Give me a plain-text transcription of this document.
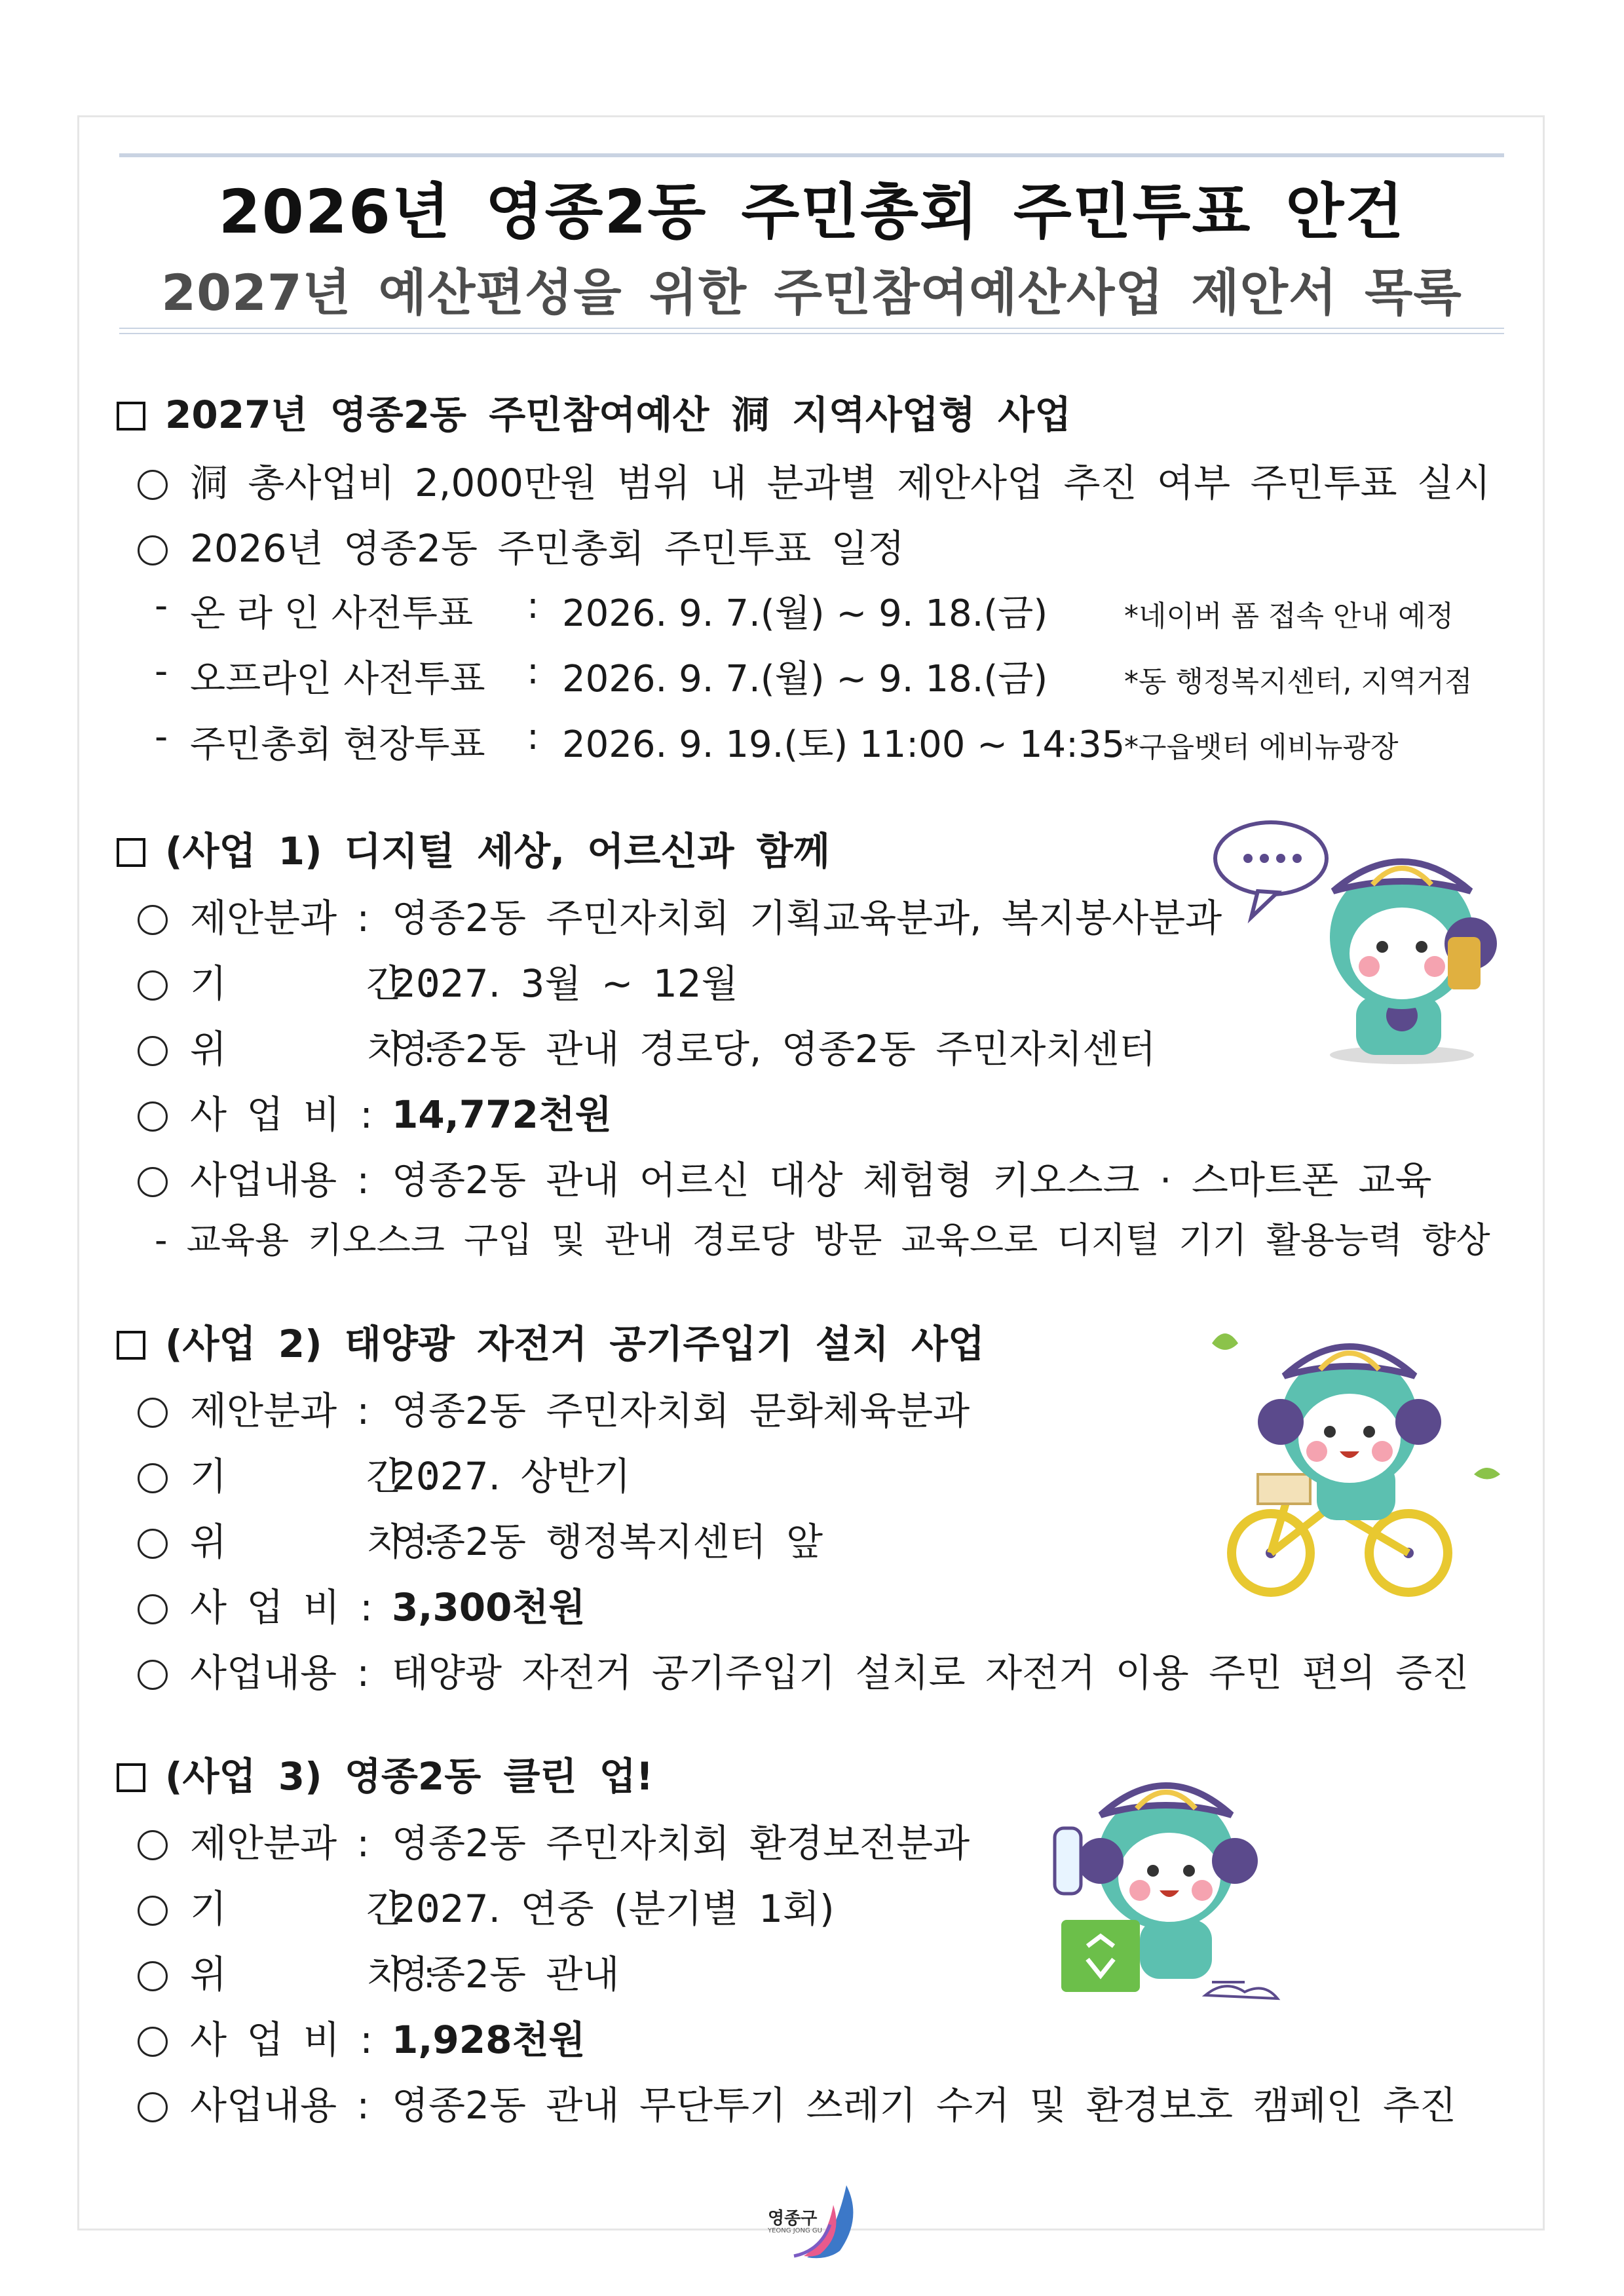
2026년 영종2동 주민총회 주민투표 안건
2027년 예산편성을 위한 주민참여예산사업 제안서 목록
2027년 영종2동 주민참여예산 洞 지역사업형 사업
洞 총사업비 2,000만원 범위 내 분과별 제안사업 추진 여부 주민투표 실시
2026년 영종2동 주민총회 주민투표 일정
- 온 라 인 사전투표 : 2026. 9. 7.(월) ~ 9. 18.(금)	*네이버 폼 접속 안내 예정
- 오프라인 사전투표 : 2026. 9. 7.(월) ~ 9. 18.(금)	*동 행정복지센터, 지역거점
- 주민총회 현장투표 : 2026. 9. 19.(토) 11:00 ~ 14:35
*구읍뱃터 에비뉴광장
(사업 1) 디지털 세상, 어르신과 함께
제안분과 : 영종2동 주민자치회 기획교육분과, 복지봉사분과
기       간 :2027. 3월 ~ 12월
위       치 :영종2동 관내 경로당, 영종2동 주민자치센터
사 업 비 : 14,772천원
사업내용 : 영종2동 관내 어르신 대상 체험형 키오스크 · 스마트폰 교육
- 교육용 키오스크 구입 및 관내 경로당 방문 교육으로 디지털 기기 활용능력 향상
(사업 2) 태양광 자전거 공기주입기 설치 사업
제안분과 : 영종2동 주민자치회 문화체육분과
기       간 :2027. 상반기
위       치 :영종2동 행정복지센터 앞
사 업 비 : 3,300천원
사업내용 : 태양광 자전거 공기주입기 설치로 자전거 이용 주민 편의 증진
(사업 3) 영종2동 클린 업!
제안분과 : 영종2동 주민자치회 환경보전분과
기       간 :2027. 연중 (분기별 1회)
위       치 :영종2동 관내
사 업 비 : 1,928천원
사업내용 : 영종2동 관내 무단투기 쓰레기 수거 및 환경보호 캠페인 추진
영종구
YEONG JONG GU
